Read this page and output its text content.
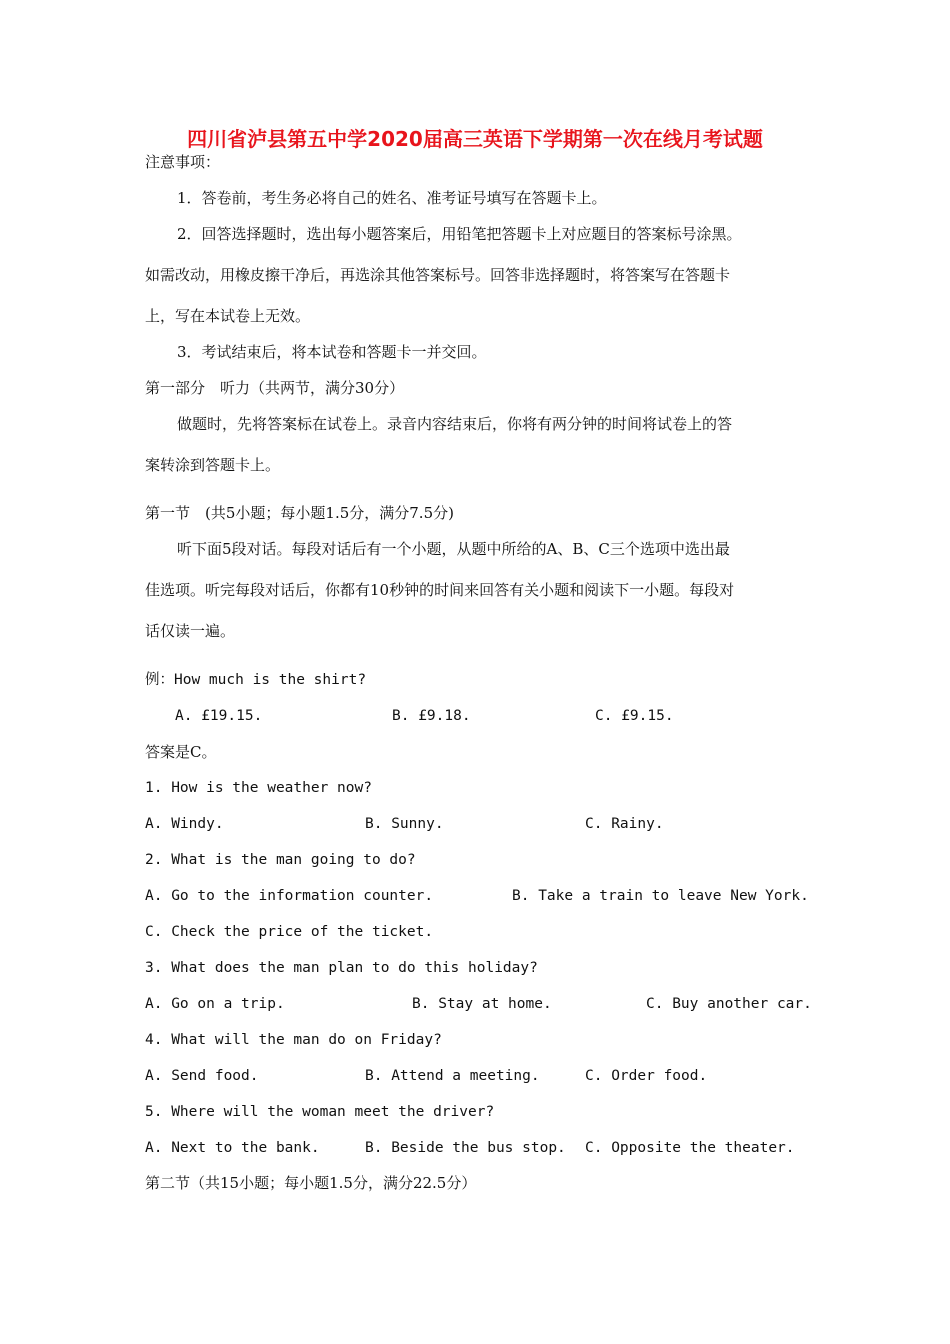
四川省泸县第五中学2020届高三英语下学期第一次在线月考试题
注意事项：
1．答卷前，考生务必将自己的姓名、准考证号填写在答题卡上。
2．回答选择题时，选出每小题答案后，用铅笔把答题卡上对应题目的答案标号涂黑。
如需改动，用橡皮擦干净后，再选涂其他答案标号。回答非选择题时，将答案写在答题卡
上，写在本试卷上无效。
3．考试结束后，将本试卷和答题卡一并交回。
第一部分　听力（共两节，满分30分）
做题时，先将答案标在试卷上。录音内容结束后，你将有两分钟的时间将试卷上的答
案转涂到答题卡上。
第一节　(共5小题；每小题1.5分，满分7.5分)
听下面5段对话。每段对话后有一个小题，从题中所给的A、B、C三个选项中选出最
佳选项。听完每段对话后，你都有10秒钟的时间来回答有关小题和阅读下一小题。每段对
话仅读一遍。
例：How much is the shirt?
A. £19.15.	B. £9.18.	C. £9.15.
答案是C。
1. How is the weather now?
A. Windy.	B. Sunny.	C. Rainy.
2. What is the man going to do?
A. Go to the information counter.	B. Take a train to leave New York.
C. Check the price of the ticket.
3. What does the man plan to do this holiday?
A. Go on a trip.	B. Stay at home.	C. Buy another car.
4. What will the man do on Friday?
A. Send food.	B. Attend a meeting.	C. Order food.
5. Where will the woman meet the driver?
A. Next to the bank.	B. Beside the bus stop. C. Opposite the theater.
第二节（共15小题；每小题1.5分，满分22.5分）
